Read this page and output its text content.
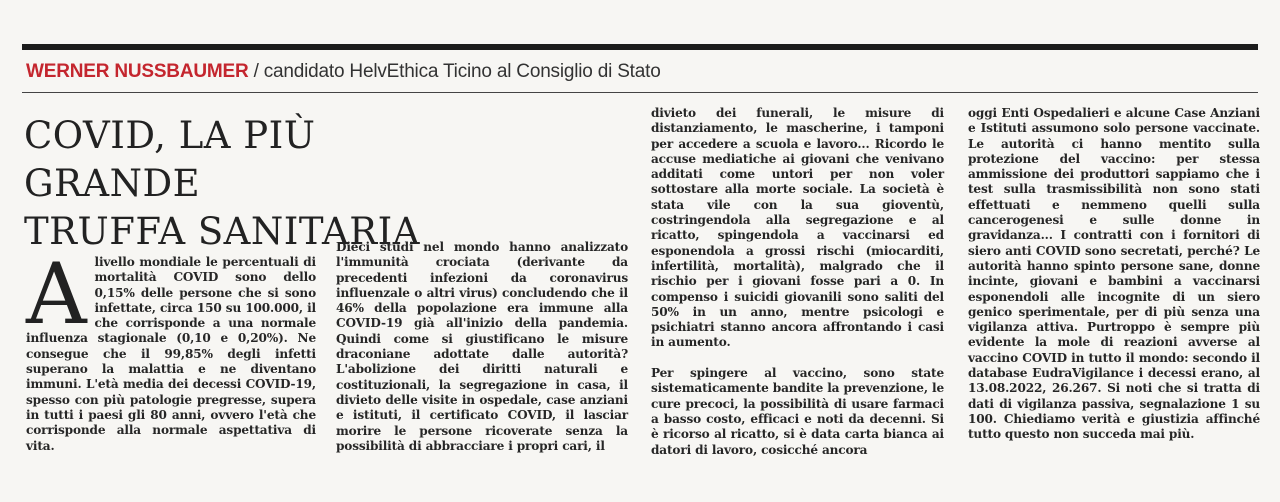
WERNER NUSSBAUMER / candidato HelvEthica Ticino al Consiglio di Stato
COVID, LA PIÙ GRANDE
TRUFFA SANITARIA

A livello mondiale le percentuali di mortalità COVID sono dello 0,15% delle persone che si sono infettate, circa 150 su 100.000, il che corrisponde a una normale influenza stagionale (0,10 e 0,20%). Ne consegue che il 99,85% degli infetti superano la malattia e ne diventano immuni. L'età media dei decessi COVID-19, spesso con più patologie pregresse, supera in tutti i paesi gli 80 anni, ovvero l'età che corrisponde alla normale aspettativa di vita.

Dieci studi nel mondo hanno analizzato l'immunità crociata (derivante da precedenti infezioni da coronavirus influenzale o altri virus) concludendo che il 46% della popolazione era immune alla COVID-19 già all'inizio della pandemia. Quindi come si giustificano le misure draconiane adottate dalle autorità? L'abolizione dei diritti naturali e costituzionali, la segregazione in casa, il divieto delle visite in ospedale, case anziani e istituti, il certificato COVID, il lasciar morire le persone ricoverate senza la possibilità di abbracciare i propri cari, il

divieto dei funerali, le misure di distanziamento, le mascherine, i tamponi per accedere a scuola e lavoro... Ricordo le accuse mediatiche ai giovani che venivano additati come untori per non voler sottostare alla morte sociale. La società è stata vile con la sua gioventù, costringendola alla segregazione e al ricatto, spingendola a vaccinarsi ed esponendola a grossi rischi (miocarditi, infertilità, mortalità), malgrado che il rischio per i giovani fosse pari a 0. In compenso i suicidi giovanili sono saliti del 50% in un anno, mentre psicologi e psichiatri stanno ancora affrontando i casi in aumento.

Per spingere al vaccino, sono state sistematicamente bandite la prevenzione, le cure precoci, la possibilità di usare farmaci a basso costo, efficaci e noti da decenni. Si è ricorso al ricatto, si è data carta bianca ai datori di lavoro, cosicché ancora

oggi Enti Ospedalieri e alcune Case Anziani e Istituti assumono solo persone vaccinate. Le autorità ci hanno mentito sulla protezione del vaccino: per stessa ammissione dei produttori sappiamo che i test sulla trasmissibilità non sono stati effettuati e nemmeno quelli sulla cancerogenesi e sulle donne in gravidanza... I contratti con i fornitori di siero anti COVID sono secretati, perché? Le autorità hanno spinto persone sane, donne incinte, giovani e bambini a vaccinarsi esponendoli alle incognite di un siero genico sperimentale, per di più senza una vigilanza attiva. Purtroppo è sempre più evidente la mole di reazioni avverse al vaccino COVID in tutto il mondo: secondo il database EudraVigilance i decessi erano, al 13.08.2022, 26.267. Si noti che si tratta di dati di vigilanza passiva, segnalazione 1 su 100. Chiediamo verità e giustizia affinché tutto questo non succeda mai più.
